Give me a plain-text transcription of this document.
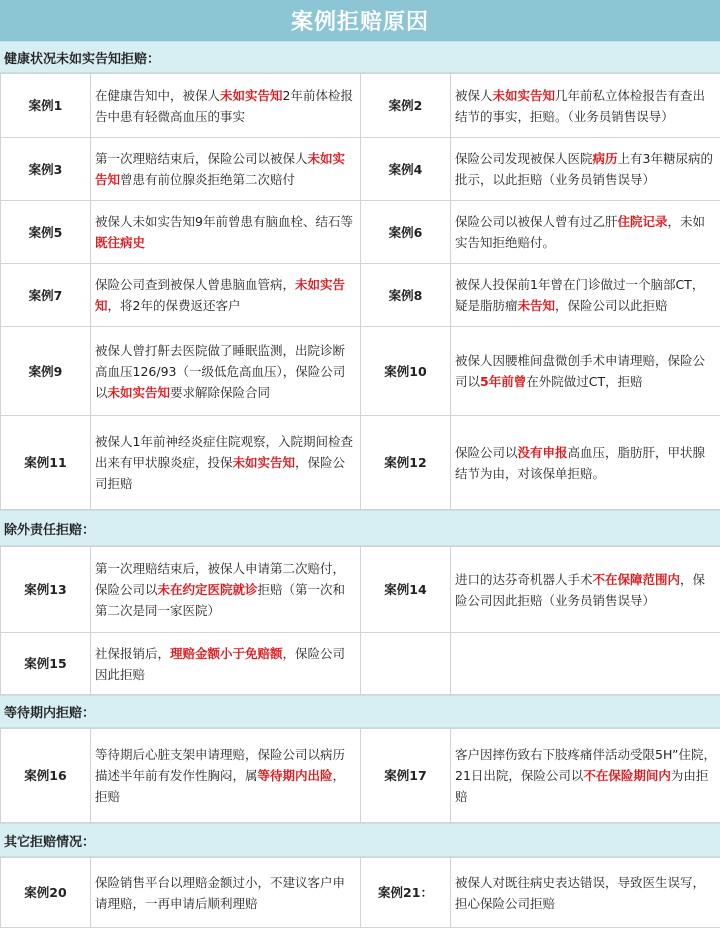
案例拒赔原因
健康状况未如实告知拒赔：
案例1	在健康告知中，被保人未如实告知2年前体检报告中患有轻微高血压的事实	案例2	被保人未如实告知几年前私立体检报告有查出结节的事实，拒赔。（业务员销售误导）
案例3	第一次理赔结束后，保险公司以被保人未如实告知曾患有前位腺炎拒绝第二次赔付	案例4	保险公司发现被保人医院病历上有3年糖尿病的批示，以此拒赔（业务员销售误导）
案例5	被保人未如实告知9年前曾患有脑血栓、结石等既往病史	案例6	保险公司以被保人曾有过乙肝住院记录，未如实告知拒绝赔付。
案例7	保险公司查到被保人曾患脑血管病，未如实告知，将2年的保费返还客户	案例8	被保人投保前1年曾在门诊做过一个脑部CT，疑是脂肪瘤未告知，保险公司以此拒赔
案例9	被保人曾打鼾去医院做了睡眠监测，出院诊断高血压126/93（一级低危高血压），保险公司以未如实告知要求解除保险合同	案例10	被保人因腰椎间盘微创手术申请理赔，保险公司以5年前曾在外院做过CT，拒赔
案例11	被保人1年前神经炎症住院观察，入院期间检查出来有甲状腺炎症，投保未如实告知，保险公司拒赔	案例12	保险公司以没有申报高血压，脂肪肝，甲状腺结节为由，对该保单拒赔。
除外责任拒赔：
案例13	第一次理赔结束后，被保人申请第二次赔付，保险公司以未在约定医院就诊拒赔（第一次和第二次是同一家医院）	案例14	进口的达芬奇机器人手术不在保障范围内，保险公司因此拒赔（业务员销售误导）
案例15	社保报销后，理赔金额小于免赔额，保险公司因此拒赔		
等待期内拒赔：
案例16	等待期后心脏支架申请理赔，保险公司以病历描述半年前有发作性胸闷，属等待期内出险，拒赔	案例17	客户因摔伤致右下肢疼痛伴活动受限5H”住院，21日出院，保险公司以不在保险期间内为由拒赔
其它拒赔情况：
案例20	保险销售平台以理赔金额过小，不建议客户申请理赔，一再申请后顺利理赔	案例21：	被保人对既往病史表达错误，导致医生误写，担心保险公司拒赔
